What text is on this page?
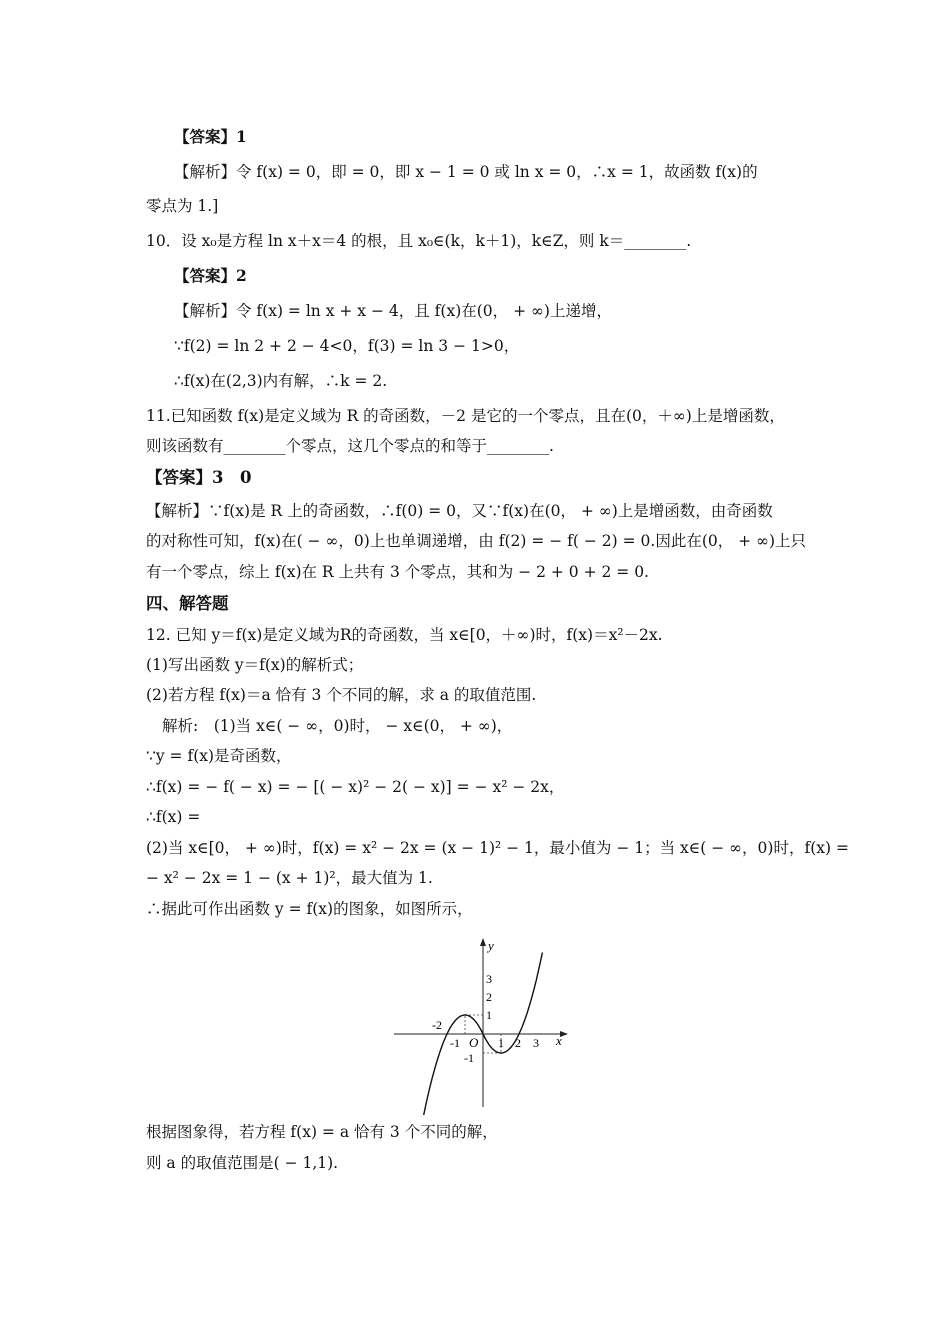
【答案】1
【解析】令 f(x) = 0，即 = 0，即 x − 1 = 0 或 ln x = 0，∴x = 1，故函数 f(x)的
零点为 1.]
10．设 x₀是方程 ln x＋x＝4 的根，且 x₀∈(k，k＋1)，k∈Z，则 k＝________.
【答案】2
【解析】令 f(x) = ln x + x − 4，且 f(x)在(0， + ∞)上递增，
∵f(2) = ln 2 + 2 − 4<0，f(3) = ln 3 − 1>0，
∴f(x)在(2,3)内有解，∴k = 2.
11.已知函数 f(x)是定义域为 R 的奇函数，－2 是它的一个零点，且在(0，＋∞)上是增函数，
则该函数有________个零点，这几个零点的和等于________.
【答案】3　0
【解析】∵f(x)是 R 上的奇函数，∴f(0) = 0，又∵f(x)在(0， + ∞)上是增函数，由奇函数
的对称性可知，f(x)在( − ∞，0)上也单调递增，由 f(2) = − f( − 2) = 0.因此在(0， + ∞)上只
有一个零点，综上 f(x)在 R 上共有 3 个零点，其和为 − 2 + 0 + 2 = 0.
四、解答题
12. 已知 y＝f(x)是定义域为R的奇函数，当 x∈[0，＋∞)时，f(x)＝x²－2x.
(1)写出函数 y＝f(x)的解析式；
(2)若方程 f(x)＝a 恰有 3 个不同的解，求 a 的取值范围.
解析:　(1)当 x∈( − ∞，0)时， − x∈(0， + ∞)，
∵y = f(x)是奇函数，
∴f(x) = − f( − x) = − [( − x)² − 2( − x)] = − x² − 2x，
∴f(x) =
(2)当 x∈[0， + ∞)时，f(x) = x² − 2x = (x − 1)² − 1，最小值为 − 1；当 x∈( − ∞，0)时，f(x) =
− x² − 2x = 1 − (x + 1)²，最大值为 1.
∴据此可作出函数 y = f(x)的图象，如图所示，
x
y
O
-2
-1	1 2 3
3
2
1
-1
根据图象得，若方程 f(x) = a 恰有 3 个不同的解，
则 a 的取值范围是( − 1,1).
